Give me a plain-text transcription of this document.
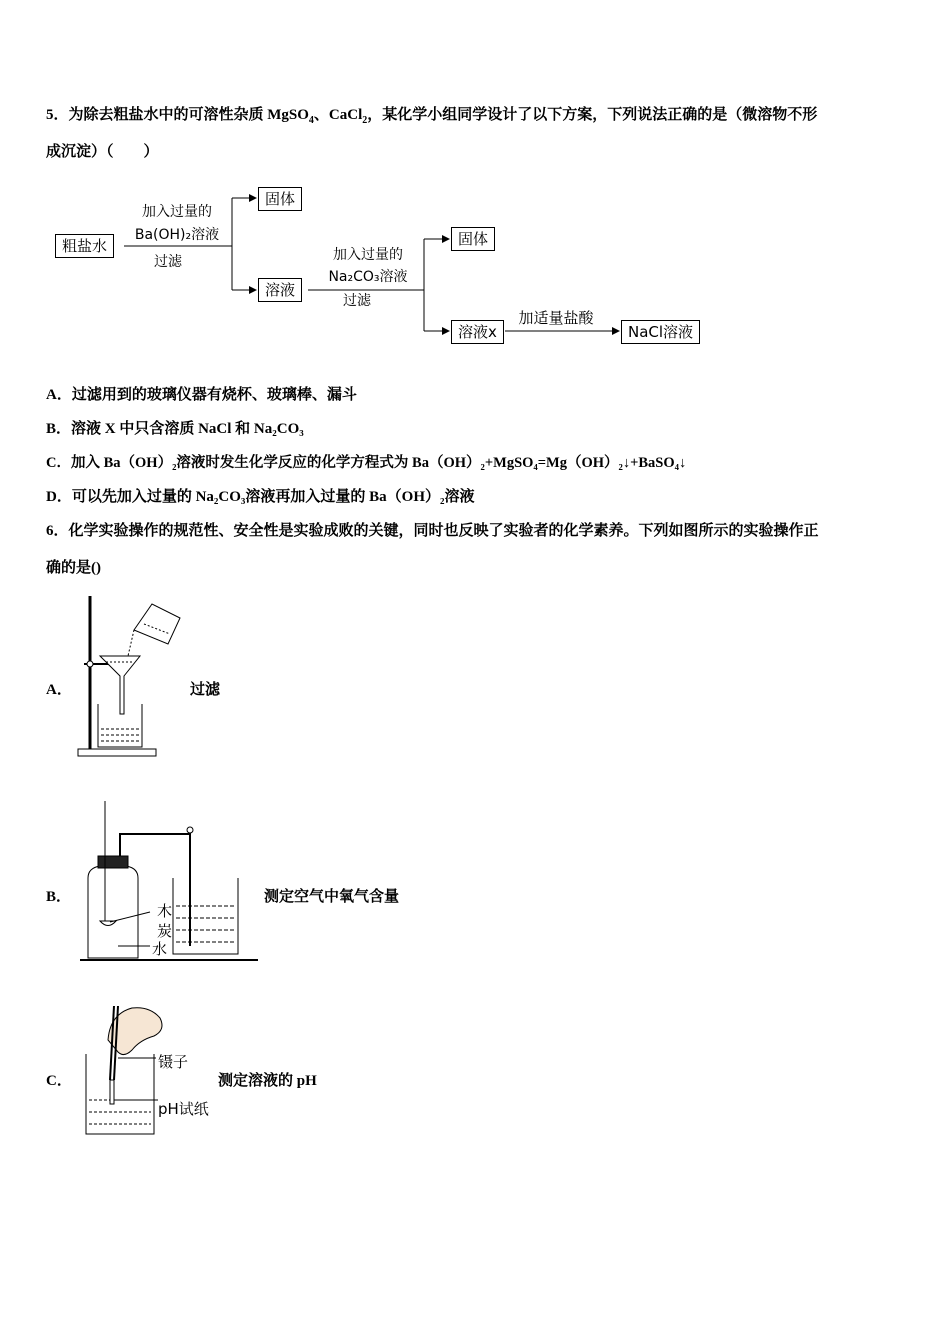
5．为除去粗盐水中的可溶性杂质 MgSO$_4$、CaCl$_2$，某化学小组同学设计了以下方案，下列说法正确的是（微溶物不形
成沉淀）（　　）
粗盐水
加入过量的
Ba(OH)₂溶液
过滤
固体
溶液
加入过量的
Na₂CO₃溶液
过滤
固体
溶液x
加适量盐酸
NaCl溶液
A．过滤用到的玻璃仪器有烧杯、玻璃棒、漏斗
B．溶液 X 中只含溶质 NaCl 和 Na₂CO₃
C．加入 Ba（OH）₂溶液时发生化学反应的化学方程式为 Ba（OH）₂+MgSO₄=Mg（OH）₂↓+BaSO₄↓
D．可以先加入过量的 Na₂CO₃溶液再加入过量的 Ba（OH）₂溶液
6．化学实验操作的规范性、安全性是实验成败的关键，同时也反映了实验者的化学素养。下列如图所示的实验操作正
确的是()
A．	过滤
B．	测定空气中氧气含量
木
炭
水
C．	测定溶液的 pH
镊子
pH试纸
